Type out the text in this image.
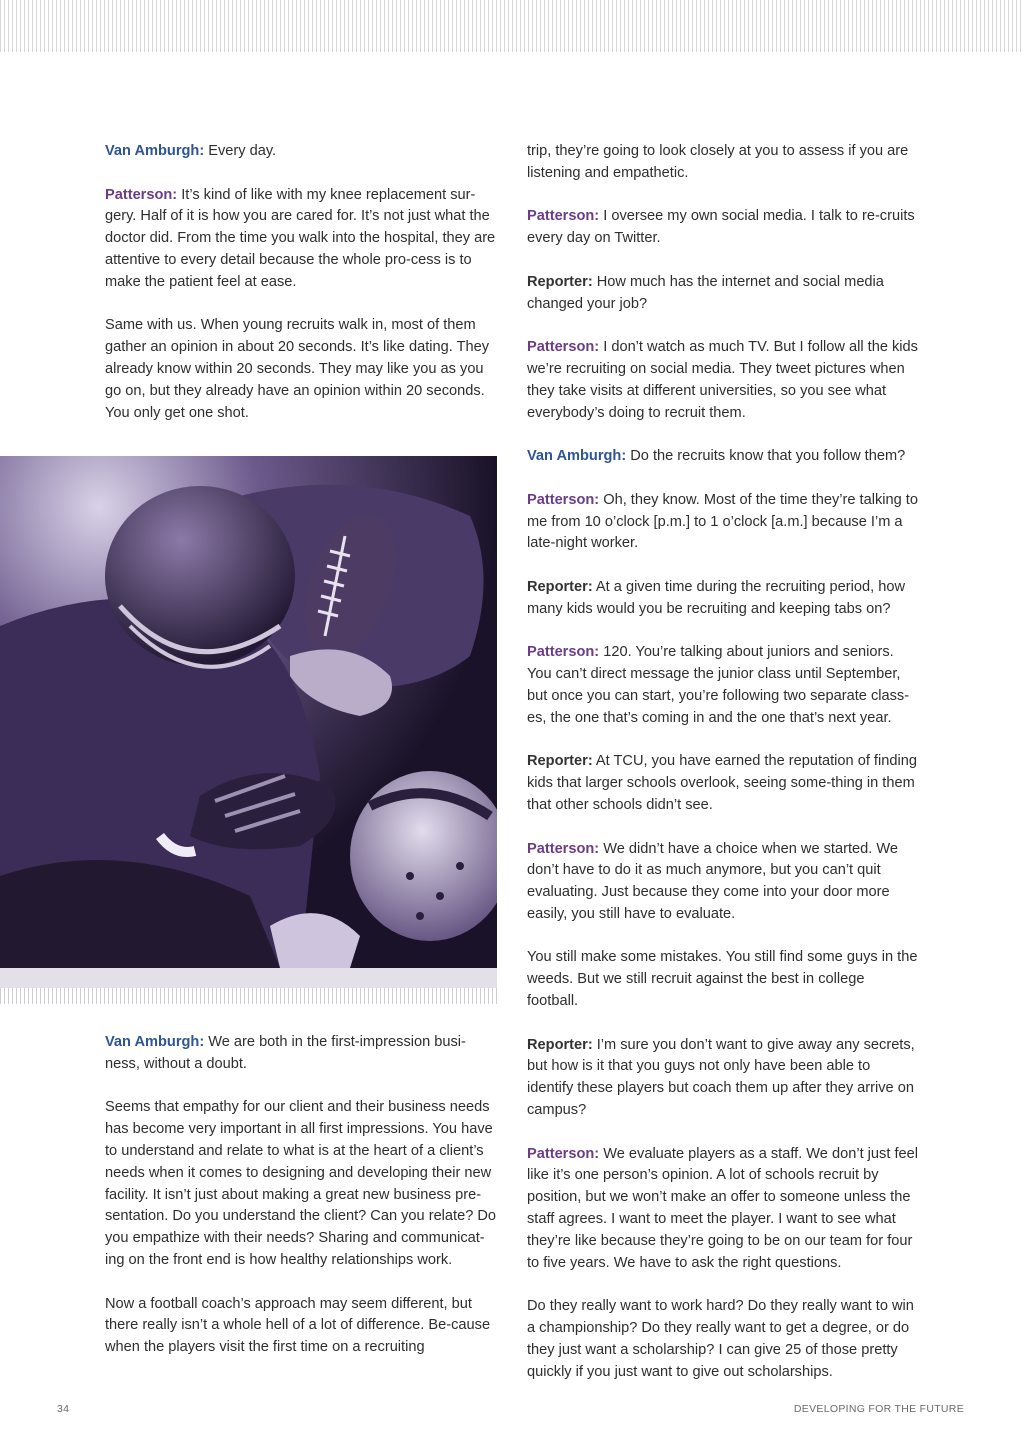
Van Amburgh: Every day.

Patterson: It’s kind of like with my knee replacement sur-gery. Half of it is how you are cared for. It’s not just what the doctor did. From the time you walk into the hospital, they are attentive to every detail because the whole pro-cess is to make the patient feel at ease.

Same with us. When young recruits walk in, most of them gather an opinion in about 20 seconds. It’s like dating. They already know within 20 seconds. They may like you as you go on, but they already have an opinion within 20 seconds. You only get one shot.

Van Amburgh: We are both in the first-impression busi-ness, without a doubt.

Seems that empathy for our client and their business needs has become very important in all first impressions. You have to understand and relate to what is at the heart of a client’s needs when it comes to designing and developing their new facility. It isn’t just about making a great new business pre-sentation. Do you understand the client? Can you relate? Do you empathize with their needs? Sharing and communicat-ing on the front end is how healthy relationships work.

Now a football coach’s approach may seem different, but there really isn’t a whole hell of a lot of difference. Be-cause when the players visit the first time on a recruiting

trip, they’re going to look closely at you to assess if you are listening and empathetic.

Patterson: I oversee my own social media. I talk to re-cruits every day on Twitter.

Reporter: How much has the internet and social media changed your job?

Patterson: I don’t watch as much TV. But I follow all the kids we’re recruiting on social media. They tweet pictures when they take visits at different universities, so you see what everybody’s doing to recruit them.

Van Amburgh: Do the recruits know that you follow them?

Patterson: Oh, they know. Most of the time they’re talking to me from 10 o’clock [p.m.] to 1 o’clock [a.m.] because I’m a late-night worker.

Reporter: At a given time during the recruiting period, how many kids would you be recruiting and keeping tabs on?

Patterson: 120. You’re talking about juniors and seniors. You can’t direct message the junior class until September, but once you can start, you’re following two separate class-es, the one that’s coming in and the one that’s next year.

Reporter: At TCU, you have earned the reputation of finding kids that larger schools overlook, seeing some-thing in them that other schools didn’t see.

Patterson: We didn’t have a choice when we started. We don’t have to do it as much anymore, but you can’t quit evaluating. Just because they come into your door more easily, you still have to evaluate.

You still make some mistakes. You still find some guys in the weeds. But we still recruit against the best in college football.

Reporter: I’m sure you don’t want to give away any secrets, but how is it that you guys not only have been able to identify these players but coach them up after they arrive on campus?

Patterson: We evaluate players as a staff. We don’t just feel like it’s one person’s opinion. A lot of schools recruit by position, but we won’t make an offer to someone unless the staff agrees. I want to meet the player. I want to see what they’re like because they’re going to be on our team for four to five years. We have to ask the right questions.

Do they really want to work hard? Do they really want to win a championship? Do they really want to get a degree, or do they just want a scholarship? I can give 25 of those pretty quickly if you just want to give out scholarships.

34	DEVELOPING FOR THE FUTURE
